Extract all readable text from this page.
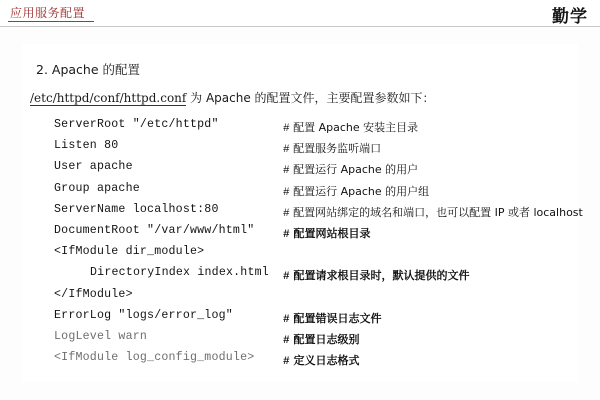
应用服务配置	勤学
2. Apache 的配置
/etc/httpd/conf/httpd.conf 为 Apache 的配置文件，主要配置参数如下：
ServerRoot "/etc/httpd"	# 配置 Apache 安装主目录
Listen 80	# 配置服务监听端口
User apache	# 配置运行 Apache 的用户
Group apache	# 配置运行 Apache 的用户组
ServerName localhost:80	# 配置网站绑定的域名和端口，也可以配置 IP 或者 localhost
DocumentRoot "/var/www/html"	# 配置网站根目录
<IfModule dir_module>
DirectoryIndex index.html # 配置请求根目录时，默认提供的文件
</IfModule>
ErrorLog "logs/error_log"	# 配置错误日志文件
LogLevel warn	# 配置日志级别
<IfModule log_config_module>	# 定义日志格式
